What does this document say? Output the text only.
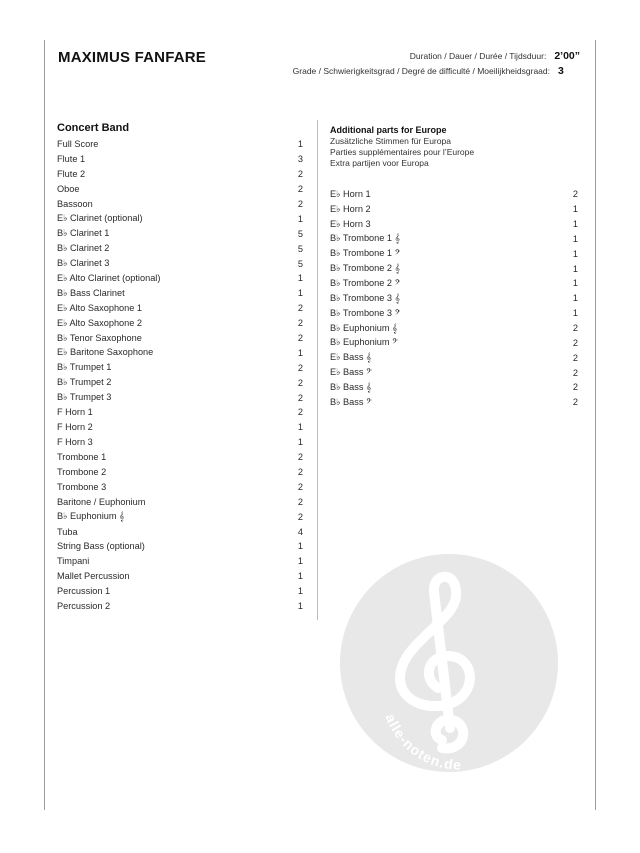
MAXIMUS FANFARE	Duration / Dauer / Durée / Tijdsduur: 2’00”
Grade / Schwierigkeitsgrad / Degré de difficulté / Moeilijkheidsgraad: 3
Concert Band
Full Score	1
Flute 1	3
Flute 2	2
Oboe	2
Bassoon	2
E♭ Clarinet (optional)	1
B♭ Clarinet 1	5
B♭ Clarinet 2	5
B♭ Clarinet 3	5
E♭ Alto Clarinet (optional)	1
B♭ Bass Clarinet	1
E♭ Alto Saxophone 1	2
E♭ Alto Saxophone 2	2
B♭ Tenor Saxophone	2
E♭ Baritone Saxophone	1
B♭ Trumpet 1	2
B♭ Trumpet 2	2
B♭ Trumpet 3	2
F Horn 1	2
F Horn 2	1
F Horn 3	1
Trombone 1	2
Trombone 2	2
Trombone 3	2
Baritone / Euphonium	2
B♭ Euphonium 𝄞	2
Tuba	4
String Bass (optional)	1
Timpani	1
Mallet Percussion	1
Percussion 1	1
Percussion 2	1
Additional parts for Europe
Zusätzliche Stimmen für Europa
Parties supplémentaires pour l’Europe
Extra partijen voor Europa
E♭ Horn 1	2
E♭ Horn 2	1
E♭ Horn 3	1
B♭ Trombone 1 𝄞	1
B♭ Trombone 1 𝄢	1
B♭ Trombone 2 𝄞	1
B♭ Trombone 2 𝄢	1
B♭ Trombone 3 𝄞	1
B♭ Trombone 3 𝄢	1
B♭ Euphonium 𝄞	2
B♭ Euphonium 𝄢	2
E♭ Bass 𝄞	2
E♭ Bass 𝄢	2
B♭ Bass 𝄞	2
B♭ Bass 𝄢	2
alle-noten.de
